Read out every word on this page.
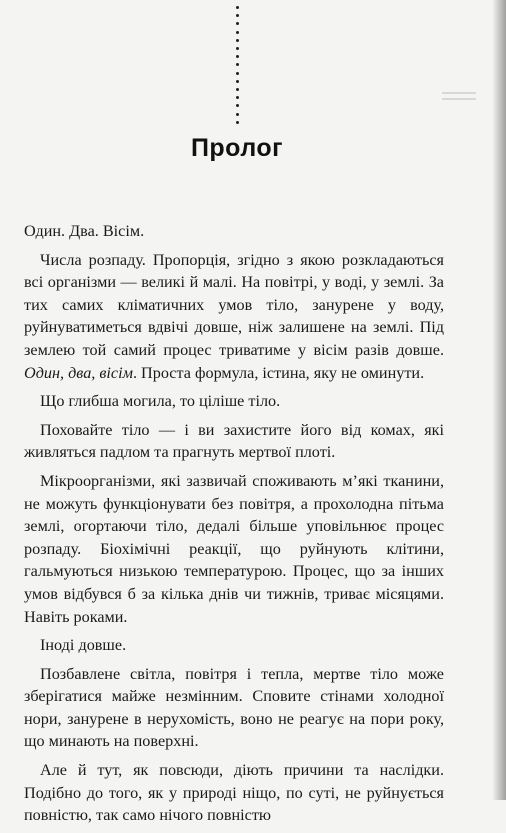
Пролог

Один. Два. Вісім.

Числа розпаду. Пропорція, згідно з якою розкладаються всі організми — великі й малі. На повітрі, у воді, у землі. За тих самих кліматичних умов тіло, занурене у воду, руйнуватиметься вдвічі довше, ніж залишене на землі. Під землею той самий процес триватиме у вісім разів довше. Один, два, вісім. Проста формула, істина, яку не оминути.

Що глибша могила, то ціліше тіло.

Поховайте тіло — і ви захистите його від комах, які живляться падлом та прагнуть мертвої плоті.

Мікроорганізми, які зазвичай споживають м’які тканини, не можуть функціонувати без повітря, а прохолодна пітьма землі, огортаючи тіло, дедалі більше уповільнює процес розпаду. Біохімічні реакції, що руйнують клітини, гальмуються низькою температурою. Процес, що за інших умов відбувся б за кілька днів чи тижнів, триває місяцями. Навіть роками.

Іноді довше.

Позбавлене світла, повітря і тепла, мертве тіло може зберігатися майже незмінним. Сповите стінами холодної нори, занурене в нерухомість, воно не реагує на пори року, що минають на поверхні.

Але й тут, як повсюди, діють причини та наслідки. Подібно до того, як у природі ніщо, по суті, не руйнується повністю, так само нічого повністю
